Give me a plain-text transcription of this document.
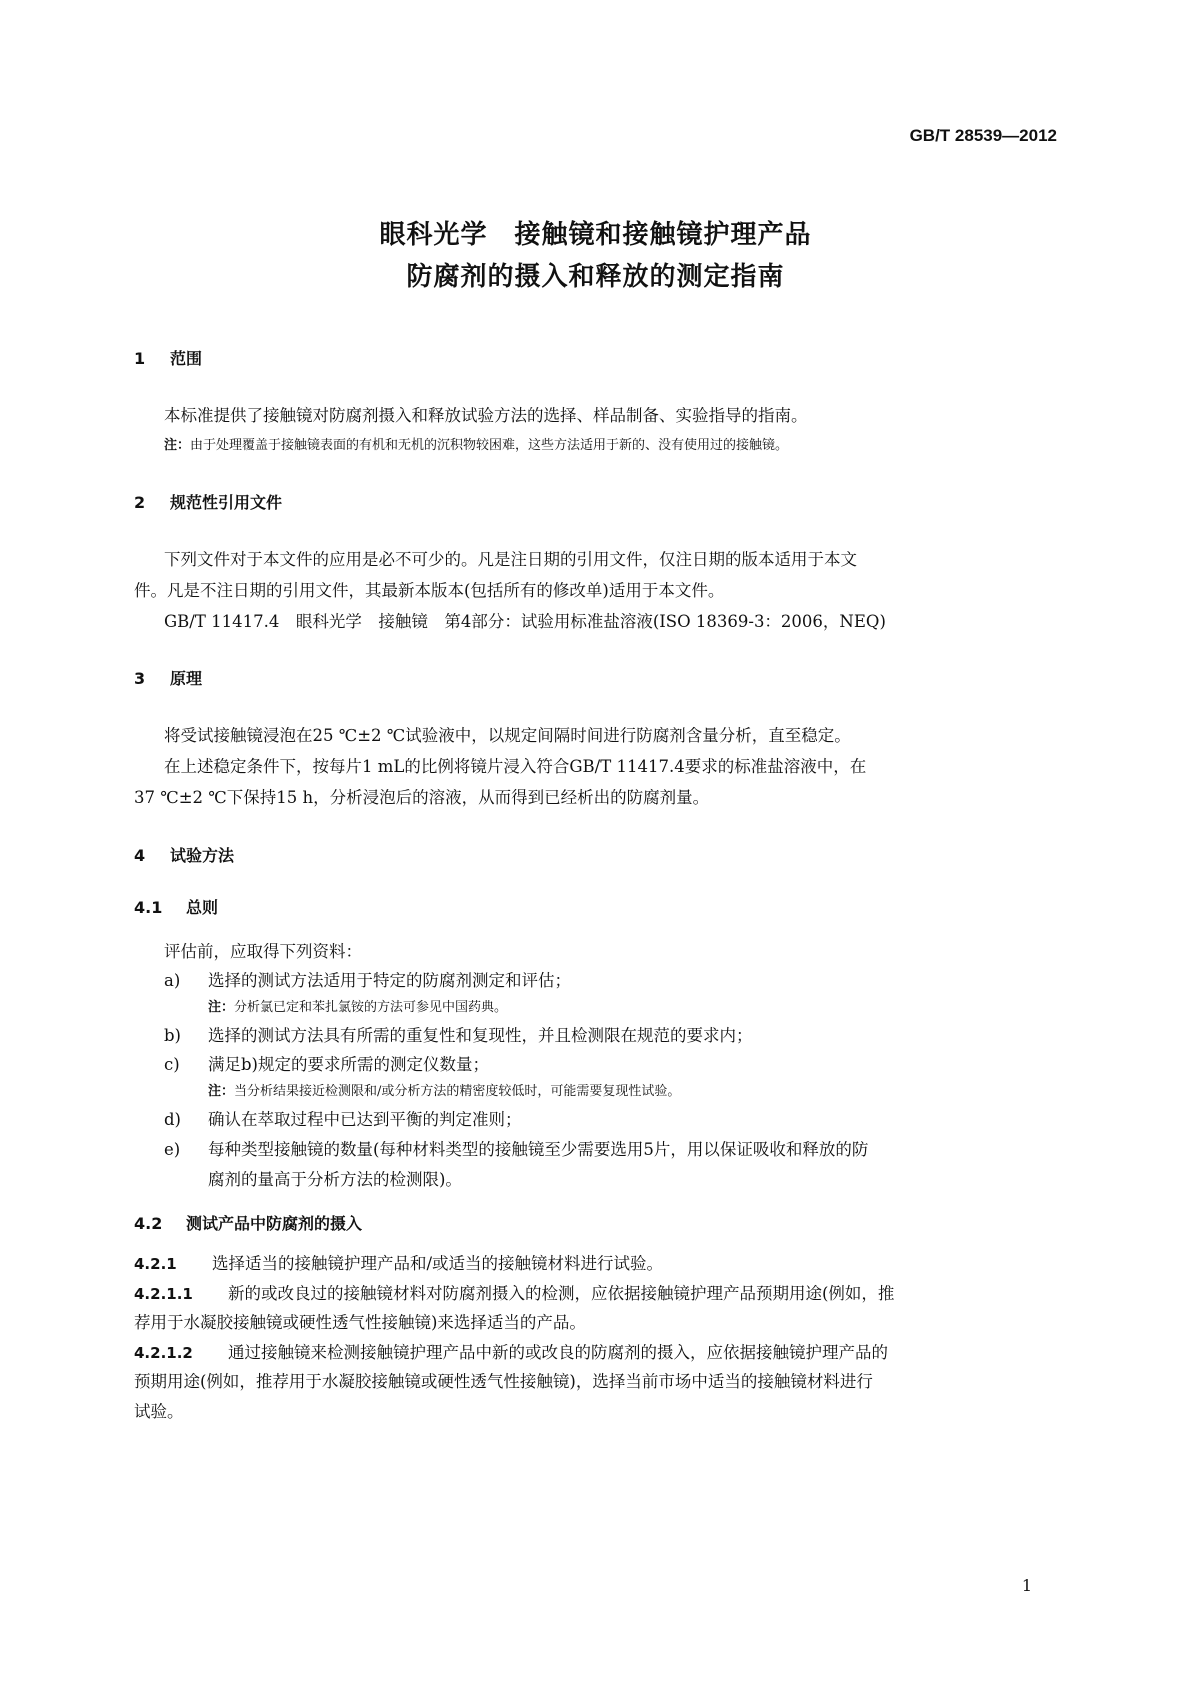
GB/T 28539—2012
眼科光学　接触镜和接触镜护理产品
防腐剂的摄入和释放的测定指南
1 范围
本标准提供了接触镜对防腐剂摄入和释放试验方法的选择、样品制备、实验指导的指南。
注：由于处理覆盖于接触镜表面的有机和无机的沉积物较困难，这些方法适用于新的、没有使用过的接触镜。
2 规范性引用文件
下列文件对于本文件的应用是必不可少的。凡是注日期的引用文件，仅注日期的版本适用于本文
件。凡是不注日期的引用文件，其最新本版本(包括所有的修改单)适用于本文件。
GB/T 11417.4　眼科光学　接触镜　第4部分：试验用标准盐溶液(ISO 18369-3：2006，NEQ)
3 原理
将受试接触镜浸泡在25 ℃±2 ℃试验液中，以规定间隔时间进行防腐剂含量分析，直至稳定。
在上述稳定条件下，按每片1 mL的比例将镜片浸入符合GB/T 11417.4要求的标准盐溶液中，在
37 ℃±2 ℃下保持15 h，分析浸泡后的溶液，从而得到已经析出的防腐剂量。
4 试验方法
4.1 总则
评估前，应取得下列资料：
a) 选择的测试方法适用于特定的防腐剂测定和评估；
注：分析氯已定和苯扎氯铵的方法可参见中国药典。
b) 选择的测试方法具有所需的重复性和复现性，并且检测限在规范的要求内；
c) 满足b)规定的要求所需的测定仪数量；
注：当分析结果接近检测限和/或分析方法的精密度较低时，可能需要复现性试验。
d) 确认在萃取过程中已达到平衡的判定准则；
e) 每种类型接触镜的数量(每种材料类型的接触镜至少需要选用5片，用以保证吸收和释放的防
腐剂的量高于分析方法的检测限)。
4.2 测试产品中防腐剂的摄入
4.2.1 选择适当的接触镜护理产品和/或适当的接触镜材料进行试验。
4.2.1.1 新的或改良过的接触镜材料对防腐剂摄入的检测，应依据接触镜护理产品预期用途(例如，推
荐用于水凝胶接触镜或硬性透气性接触镜)来选择适当的产品。
4.2.1.2 通过接触镜来检测接触镜护理产品中新的或改良的防腐剂的摄入，应依据接触镜护理产品的
预期用途(例如，推荐用于水凝胶接触镜或硬性透气性接触镜)，选择当前市场中适当的接触镜材料进行
试验。
1
